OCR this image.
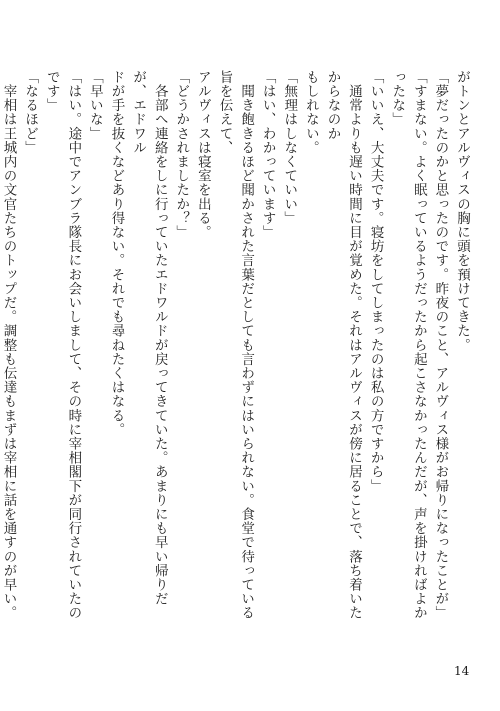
がトンとアルヴィスの胸に頭を預けてきた。

「夢だったのかと思ったのです。昨夜のこと、アルヴィス様がお帰りになったことが」

「すまない。よく眠っているようだったから起こさなかったんだが、声を掛ければよかったな」

「いいえ、大丈夫です。寝坊をしてしまったのは私の方ですから」

　通常よりも遅い時間に目が覚めた。それはアルヴィスが傍に居ることで、落ち着いたからなのか

もしれない。

「無理はしなくていい」

「はい、わかっています」

　聞き飽きるほど聞かされた言葉だとしても言わずにはいられない。食堂で待っている旨を伝えて、

アルヴィスは寝室を出る。

「どうかされましたか？」

　各部へ連絡をしに行っていたエドワルドが戻ってきていた。あまりにも早い帰りだが、エドワル

ドが手を抜くなどあり得ない。それでも尋ねたくはなる。

「早いな」

「はい。途中でアンブラ隊長にお会いしまして、その時に宰相閣下が同行されていたのです」

「なるほど」

　宰相は王城内の文官たちのトップだ。調整も伝達もまずは宰相に話を通すのが早い。

14
